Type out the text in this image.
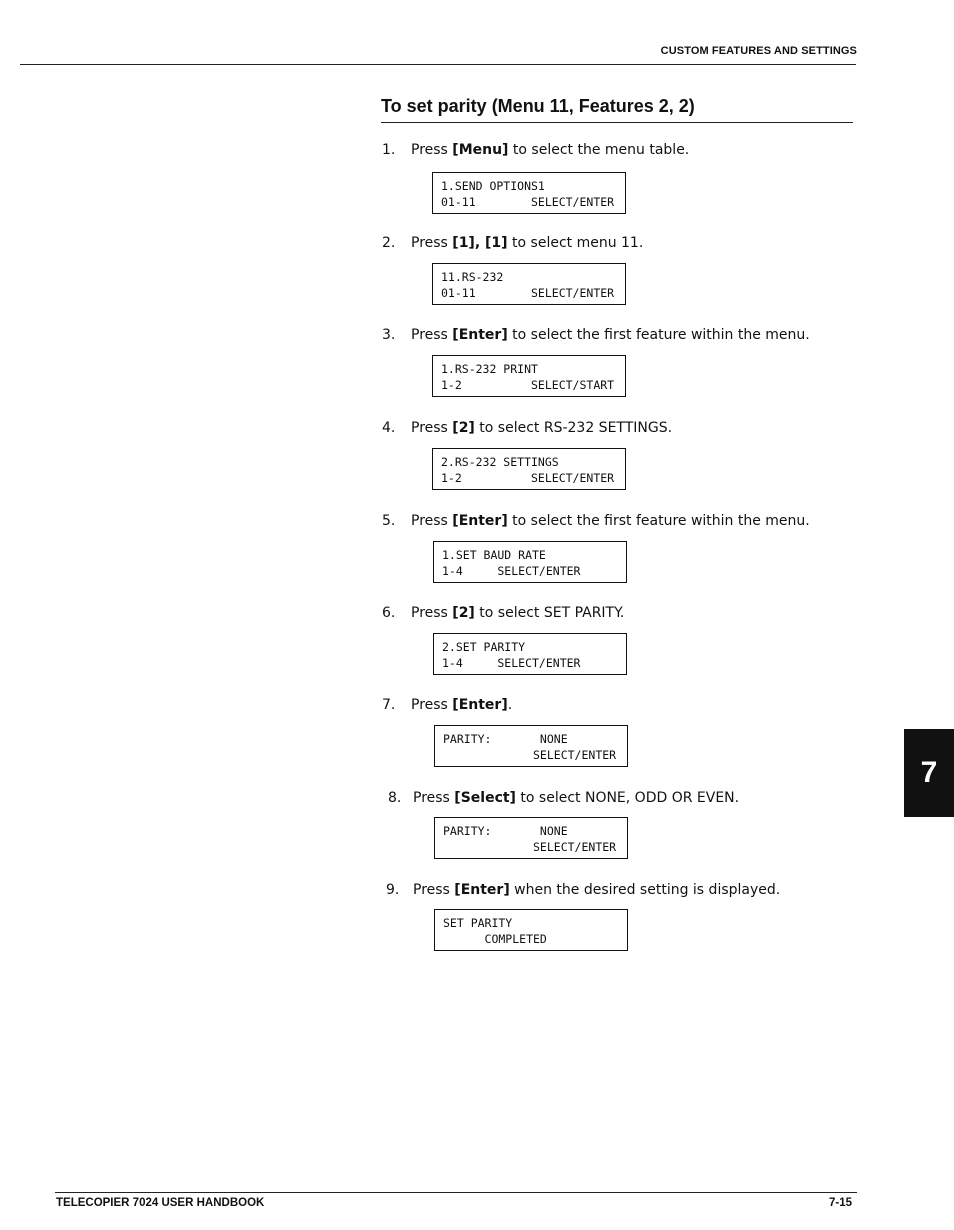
CUSTOM FEATURES AND SETTINGS
To set parity (Menu 11, Features 2, 2)
1. Press [Menu] to select the menu table.
1.SEND OPTIONS1
01-11        SELECT/ENTER
2. Press [1], [1] to select menu 11.
11.RS-232
01-11        SELECT/ENTER
3. Press [Enter] to select the first feature within the menu.
1.RS-232 PRINT
1-2          SELECT/START
4. Press [2] to select RS-232 SETTINGS.
2.RS-232 SETTINGS
1-2          SELECT/ENTER
5. Press [Enter] to select the first feature within the menu.
1.SET BAUD RATE
1-4     SELECT/ENTER
6. Press [2] to select SET PARITY.
2.SET PARITY
1-4     SELECT/ENTER
7. Press [Enter].
PARITY:       NONE
SELECT/ENTER
8. Press [Select] to select NONE, ODD OR EVEN.
PARITY:       NONE
SELECT/ENTER
9. Press [Enter] when the desired setting is displayed.
SET PARITY
COMPLETED
7
TELECOPIER 7024 USER HANDBOOK	7-15
